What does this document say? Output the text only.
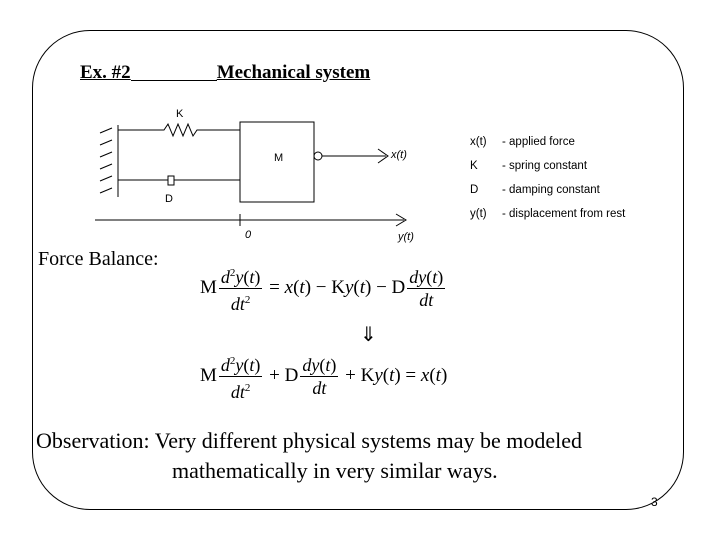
Ex. #2	Mechanical system
K
D
M	x(t)
0	y(t)
x(t) - applied force
K - spring constant
D - damping constant
y(t) - displacement from rest
Force Balance:
M $\frac{d^2y(t)}{dt^2} = x(t) - Ky(t) - D \frac{dy(t)}{dt}$
⇓
M $\frac{d^2y(t)}{dt^2} + D \frac{dy(t)}{dt} + Ky(t) = x(t)$
Observation: Very different physical systems may be modeled
mathematically in very similar ways.
3
